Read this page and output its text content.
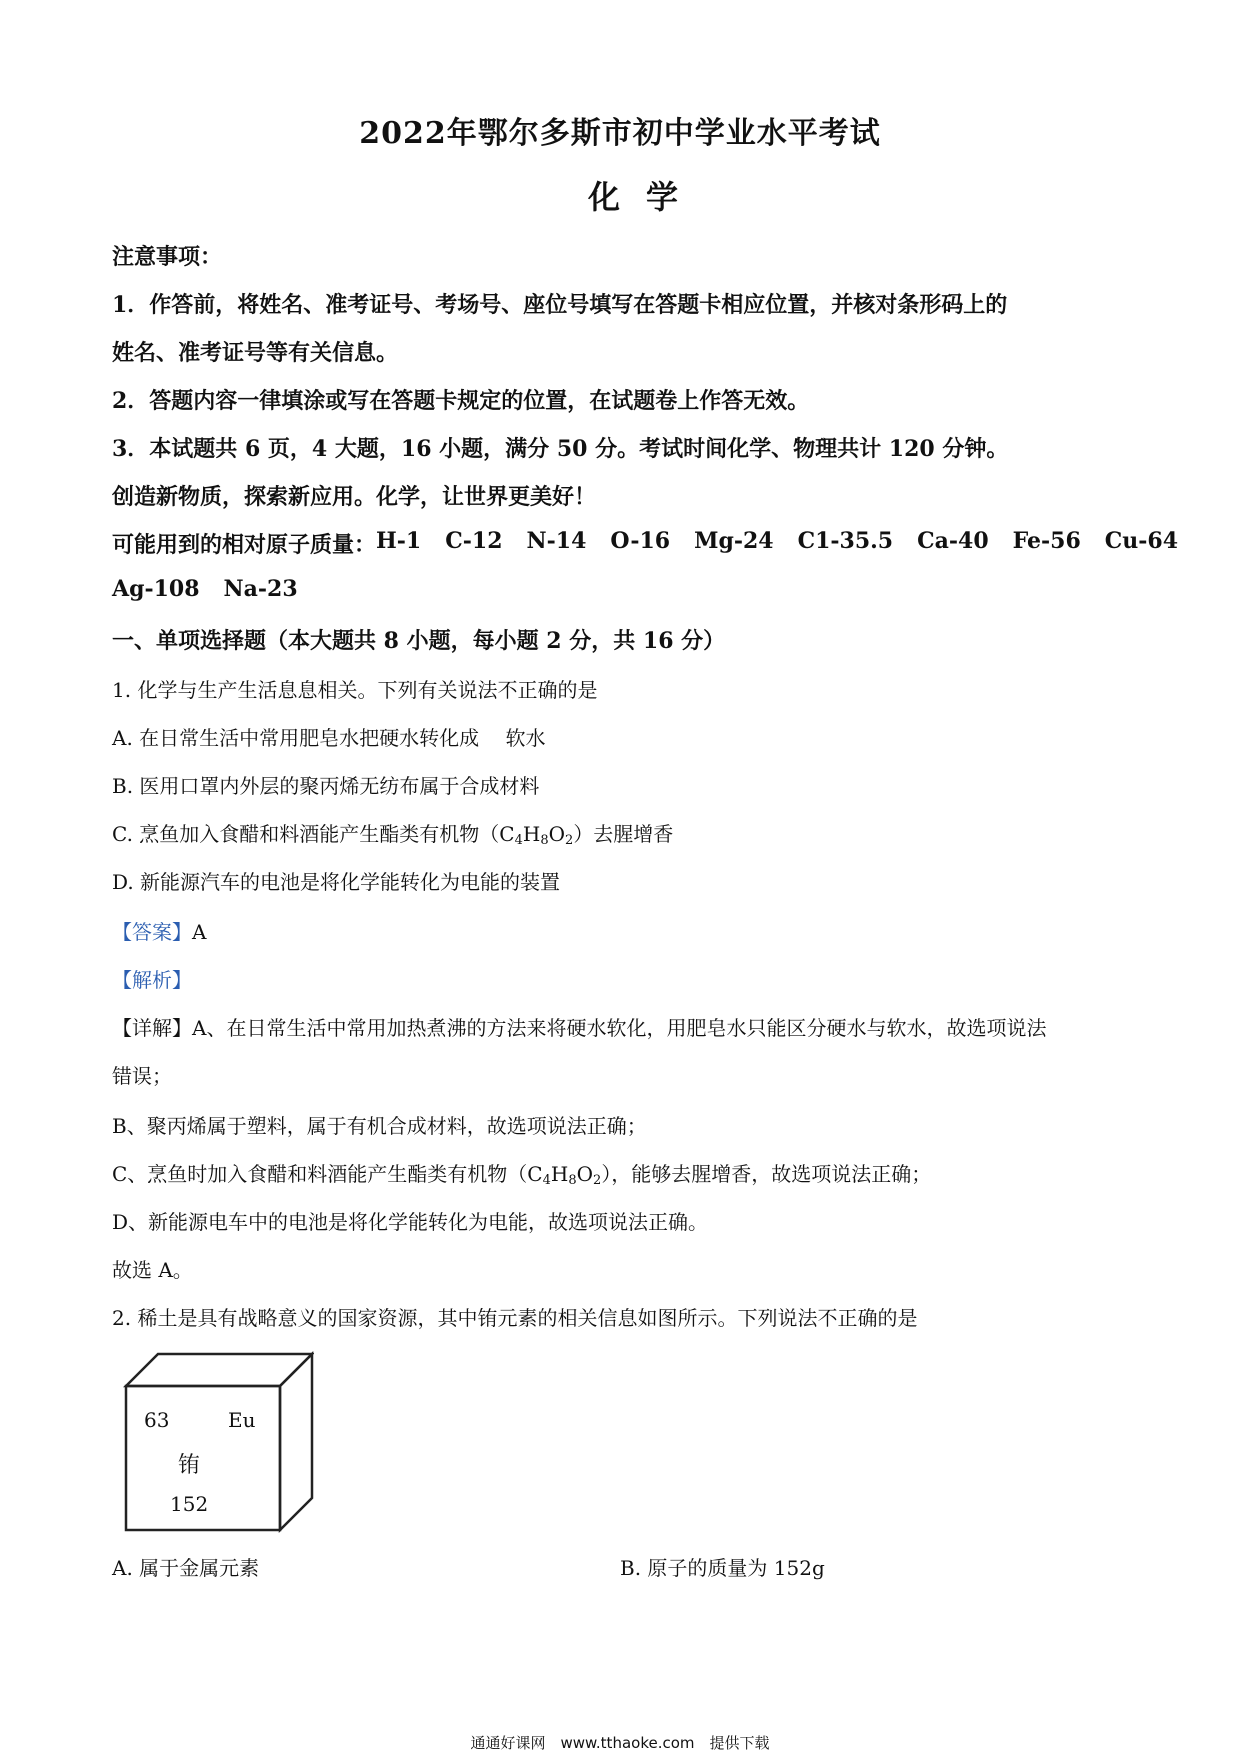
2022年鄂尔多斯市初中学业水平考试
化学
注意事项：
1．作答前，将姓名、准考证号、考场号、座位号填写在答题卡相应位置，并核对条形码上的
姓名、准考证号等有关信息。
2．答题内容一律填涂或写在答题卡规定的位置，在试题卷上作答无效。
3．本试题共 6 页，4 大题，16 小题，满分 50 分。考试时间化学、物理共计 120 分钟。
创造新物质，探索新应用。化学，让世界更美好！
可能用到的相对原子质量： H-1 C-12 N-14 O-16 Mg-24 C1-35.5 Ca-40 Fe-56 Cu-64
Ag-108 Na-23
一、单项选择题（本大题共 8 小题，每小题 2 分，共 16 分）
1. 化学与生产生活息息相关。下列有关说法不正确的是
A. 在日常生活中常用肥皂水把硬水转化成　 软水
B. 医用口罩内外层的聚丙烯无纺布属于合成材料
C. 烹鱼加入食醋和料酒能产生酯类有机物$(C_4H_8O_2)$去腥增香
D. 新能源汽车的电池是将化学能转化为电能的装置
【答案】A
【解析】
【详解】A、在日常生活中常用加热煮沸的方法来将硬水软化，用肥皂水只能区分硬水与软水，故选项说法
错误；
B、聚丙烯属于塑料，属于有机合成材料，故选项说法正确；
C、烹鱼时加入食醋和料酒能产生酯类有机物$(C_4H_8O_2)$，能够去腥增香，故选项说法正确；
D、新能源电车中的电池是将化学能转化为电能，故选项说法正确。
故选 A。
2. 稀土是具有战略意义的国家资源，其中铕元素的相关信息如图所示。下列说法不正确的是
63	Eu
铕
152
A. 属于金属元素	B. 原子的质量为 152g
通通好课网　www.tthaoke.com　提供下载
